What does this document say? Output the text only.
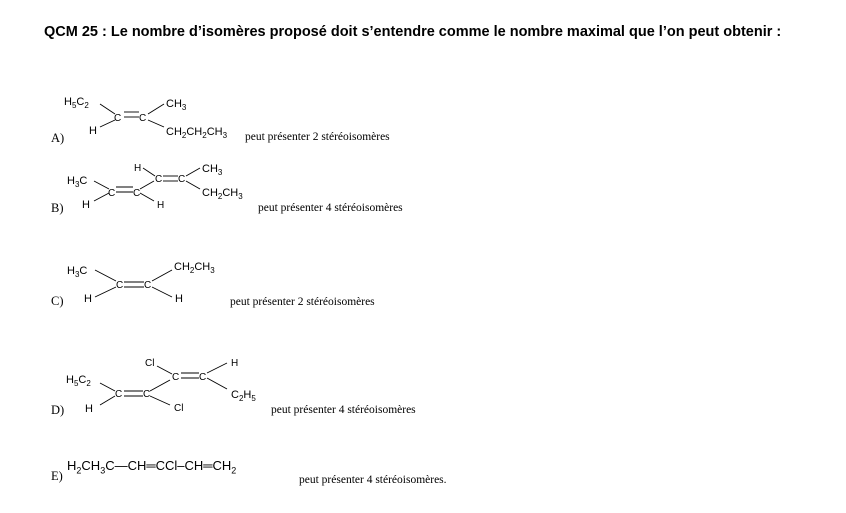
QCM 25 : Le nombre d’isomères proposé doit s’entendre comme le nombre maximal que l’on peut obtenir :
A)
B)
C)
D)
E)
peut présenter 2 stéréoisomères
peut présenter 4 stéréoisomères
peut présenter 2 stéréoisomères
peut présenter 4 stéréoisomères
peut présenter 4 stéréoisomères.
$H_5C_2$
H
C C
$CH_3$
$CH_2CH_2CH_3$
$H_3C$
H
C C
H
C C
H
$CH_3$
$CH_2CH_3$
$H_3C$
H
C C
$CH_2CH_3$
H
$H_5C_2$
H
C C
Cl
C C
Cl
H
$C_2H_5$
$H_2CH_3C—CH═CCl-CH═CH_2$
